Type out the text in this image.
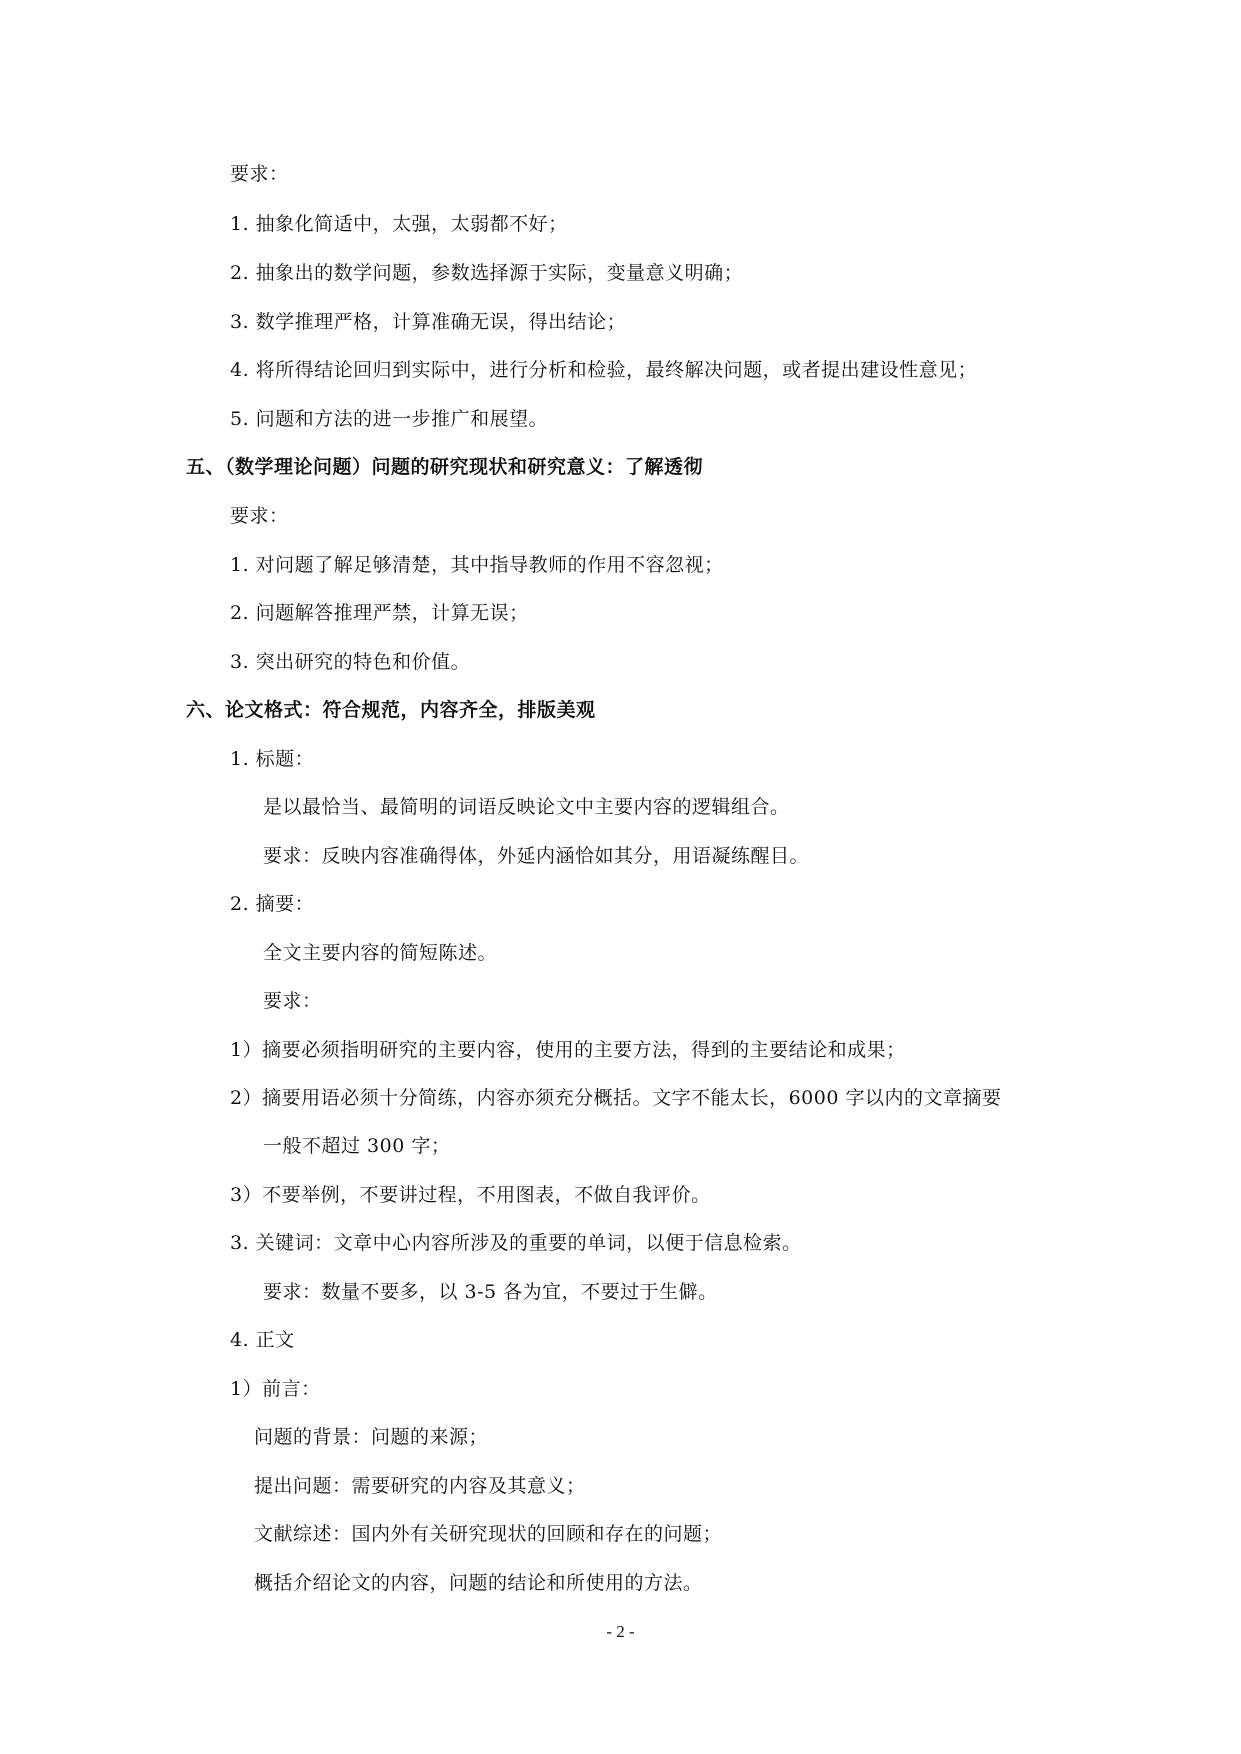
要求：
1. 抽象化简适中，太强，太弱都不好；
2. 抽象出的数学问题，参数选择源于实际，变量意义明确；
3. 数学推理严格，计算准确无误，得出结论；
4. 将所得结论回归到实际中，进行分析和检验，最终解决问题，或者提出建设性意见；
5. 问题和方法的进一步推广和展望。
五、（数学理论问题）问题的研究现状和研究意义：了解透彻
要求：
1. 对问题了解足够清楚，其中指导教师的作用不容忽视；
2. 问题解答推理严禁，计算无误；
3. 突出研究的特色和价值。
六、论文格式：符合规范，内容齐全，排版美观
1. 标题：
是以最恰当、最简明的词语反映论文中主要内容的逻辑组合。
要求：反映内容准确得体，外延内涵恰如其分，用语凝练醒目。
2. 摘要：
全文主要内容的简短陈述。
要求：
1）摘要必须指明研究的主要内容，使用的主要方法，得到的主要结论和成果；
2）摘要用语必须十分简练，内容亦须充分概括。文字不能太长，6000 字以内的文章摘要
一般不超过 300 字；
3）不要举例，不要讲过程，不用图表，不做自我评价。
3. 关键词：文章中心内容所涉及的重要的单词，以便于信息检索。
要求：数量不要多，以 3-5 各为宜，不要过于生僻。
4. 正文
1）前言：
问题的背景：问题的来源；
提出问题：需要研究的内容及其意义；
文献综述：国内外有关研究现状的回顾和存在的问题；
概括介绍论文的内容，问题的结论和所使用的方法。
- 2 -
